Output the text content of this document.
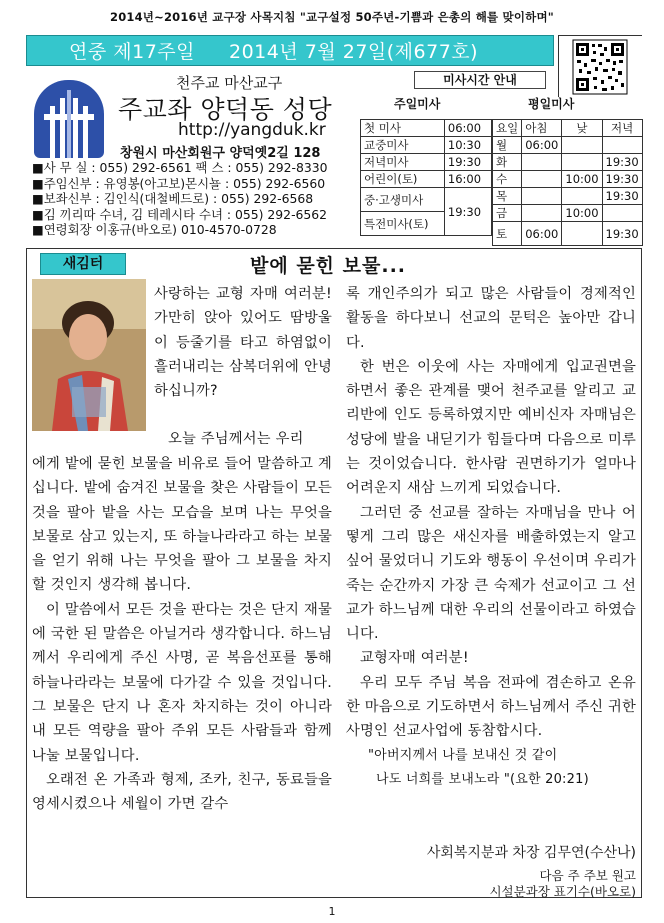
2014년~2016년 교구장 사목지침 "교구설정 50주년-기쁨과 은총의 해를 맞이하며"
연중 제17주일 2014년 7월 27일(제677호)
천주교 마산교구
주교좌 양덕동 성당
http://yangduk.kr
창원시 마산회원구 양덕옛2길 128
■사 무 실 : 055) 292-6561 팩 스 : 055) 292-8330
■주임신부 : 유영봉(아고보)몬시뇰 : 055) 292-6560
■보좌신부 : 김인식(대철베드로) : 055) 292-6568
■김 끼리따 수녀, 김 테레시타 수녀 : 055) 292-6562
■연령회장 이홍규(바오로) 010-4570-0728
미사시간 안내
주일미사	평일미사
첫 미사	06:00
교중미사	10:30
저녁미사	19:30
어린이(토)	16:00
중·고생미사	19:30
특전미사(토)	
요일	아침	낮	저녁
월	06:00		
화			19:30
수		10:00	19:30
목			19:30
금		10:00	
토	06:00		19:30
새김터	밭에 묻힌 보물...

사랑하는 교형 자매 여러분! 가만히 앉아 있어도 땀방울이 등줄기를 타고 하염없이 흘러내리는 삼복더위에 안녕하십니까?

오늘 주님께서는 우리

에게 밭에 묻힌 보물을 비유로 들어 말씀하고 계십니다. 밭에 숨겨진 보물을 찾은 사람들이 모든 것을 팔아 밭을 사는 모습을 보며 나는 무엇을 보물로 삼고 있는지, 또 하늘나라라고 하는 보물을 얻기 위해 나는 무엇을 팔아 그 보물을 차지할 것인지 생각해 봅니다.

이 말씀에서 모든 것을 판다는 것은 단지 재물에 국한 된 말씀은 아닐거라 생각합니다. 하느님께서 우리에게 주신 사명, 곧 복음선포를 통해 하늘나라라는 보물에 다가갈 수 있을 것입니다. 그 보물은 단지 나 혼자 차지하는 것이 아니라 내 모든 역량을 팔아 주위 모든 사람들과 함께 나눌 보물입니다.

오래전 온 가족과 형제, 조카, 친구, 동료들을 영세시켰으나 세월이 가면 갈수

록 개인주의가 되고 많은 사람들이 경제적인 활동을 하다보니 선교의 문턱은 높아만 갑니다.

한 번은 이웃에 사는 자매에게 입교권면을 하면서 좋은 관계를 맺어 천주교를 알리고 교리반에 인도 등록하였지만 예비신자 자매님은 성당에 발을 내딛기가 힘들다며 다음으로 미루는 것이었습니다. 한사람 권면하기가 얼마나 어려운지 새삼 느끼게 되었습니다.

그러던 중 선교를 잘하는 자매님을 만나 어떻게 그리 많은 새신자를 배출하였는지 알고 싶어 물었더니 기도와 행동이 우선이며 우리가 죽는 순간까지 가장 큰 숙제가 선교이고 그 선교가 하느님께 대한 우리의 선물이라고 하였습니다.

교형자매 여러분!

우리 모두 주님 복음 전파에 겸손하고 온유한 마음으로 기도하면서 하느님께서 주신 귀한 사명인 선교사업에 동참합시다.

"아버지께서 나를 보내신 것 같이

나도 너희를 보내노라 "(요한 20:21)

사회복지분과 차장 김무연(수산나)
다음 주 주보 원고
시설분과장 표기수(바오로)
1
